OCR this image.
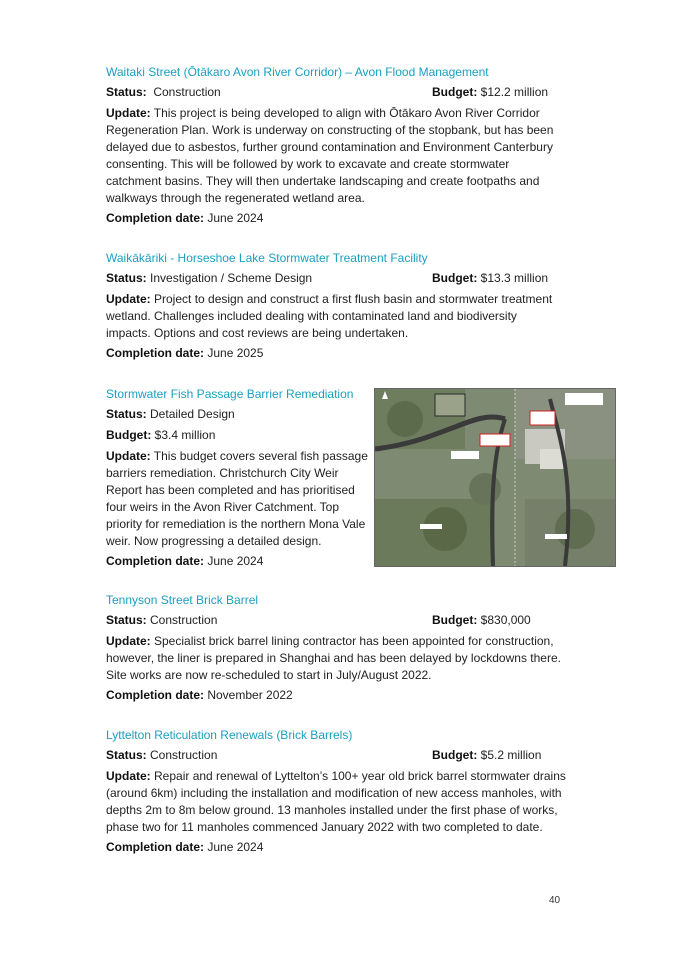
Waitaki Street (Ōtākaro Avon River Corridor) – Avon Flood Management
Status: Construction	Budget: $12.2 million
Update: This project is being developed to align with Ōtākaro Avon River Corridor
Regeneration Plan. Work is underway on constructing of the stopbank, but has been
delayed due to asbestos, further ground contamination and Environment Canterbury
consenting. This will be followed by work to excavate and create stormwater
catchment basins. They will then undertake landscaping and create footpaths and
walkways through the regenerated wetland area.
Completion date: June 2024
Waikākāriki - Horseshoe Lake Stormwater Treatment Facility
Status: Investigation / Scheme Design	Budget: $13.3 million
Update: Project to design and construct a first flush basin and stormwater treatment
wetland. Challenges included dealing with contaminated land and biodiversity
impacts. Options and cost reviews are being undertaken.
Completion date: June 2025
Stormwater Fish Passage Barrier Remediation
Status: Detailed Design
Budget: $3.4 million
Update: This budget covers several fish passage
barriers remediation. Christchurch City Weir
Report has been completed and has prioritised
four weirs in the Avon River Catchment. Top
priority for remediation is the northern Mona Vale
weir. Now progressing a detailed design.
Completion date: June 2024
Tennyson Street Brick Barrel
Status: Construction	Budget: $830,000
Update: Specialist brick barrel lining contractor has been appointed for construction,
however, the liner is prepared in Shanghai and has been delayed by lockdowns there.
Site works are now re-scheduled to start in July/August 2022.
Completion date: November 2022
Lyttelton Reticulation Renewals (Brick Barrels)
Status: Construction	Budget: $5.2 million
Update: Repair and renewal of Lyttelton’s 100+ year old brick barrel stormwater drains
(around 6km) including the installation and modification of new access manholes, with
depths 2m to 8m below ground. 13 manholes installed under the first phase of works,
phase two for 11 manholes commenced January 2022 with two completed to date.
Completion date: June 2024
40
